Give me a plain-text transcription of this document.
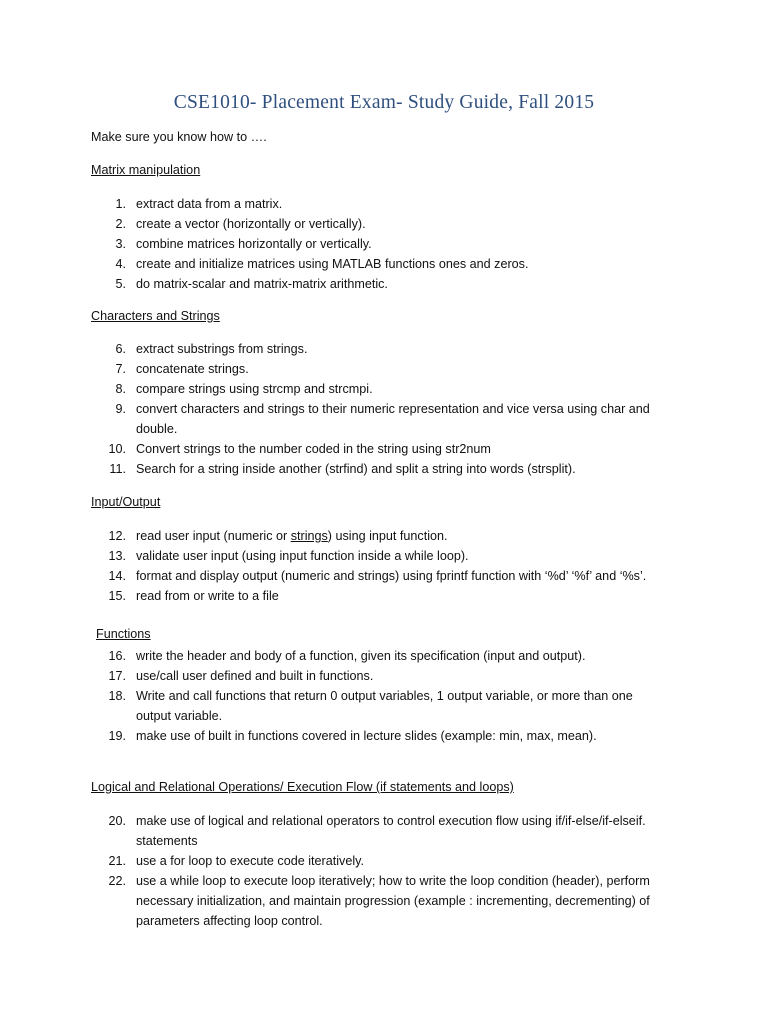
CSE1010- Placement Exam- Study Guide, Fall 2015
Make sure you know how to ….
Matrix manipulation
1. extract data from a matrix.
2. create a vector (horizontally or vertically).
3. combine matrices horizontally or vertically.
4. create and initialize matrices using MATLAB functions ones and zeros.
5. do matrix-scalar and matrix-matrix arithmetic.
Characters and Strings
6. extract substrings from strings.
7. concatenate strings.
8. compare strings using strcmp and strcmpi.
9. convert characters and strings to their numeric representation and vice versa using char and
double.
10. Convert strings to the number coded in the string using str2num
11. Search for a string inside another (strfind) and split a string into words (strsplit).
Input/Output
12. read user input (numeric or strings) using input function.
13. validate user input (using input function inside a while loop).
14. format and display output (numeric and strings) using fprintf function with ‘%d’ ‘%f’ and ‘%s’.
15. read from or write to a file
Functions
16. write the header and body of a function, given its specification (input and output).
17. use/call user defined and built in functions.
18. Write and call functions that return 0 output variables, 1 output variable, or more than one
output variable.
19. make use of built in functions covered in lecture slides (example: min, max, mean).
Logical and Relational Operations/ Execution Flow (if statements and loops)
20. make use of logical and relational operators to control execution flow using if/if-else/if-elseif.
statements
21. use a for loop to execute code iteratively.
22. use a while loop to execute loop iteratively; how to write the loop condition (header), perform
necessary initialization, and maintain progression (example : incrementing, decrementing) of
parameters affecting loop control.
